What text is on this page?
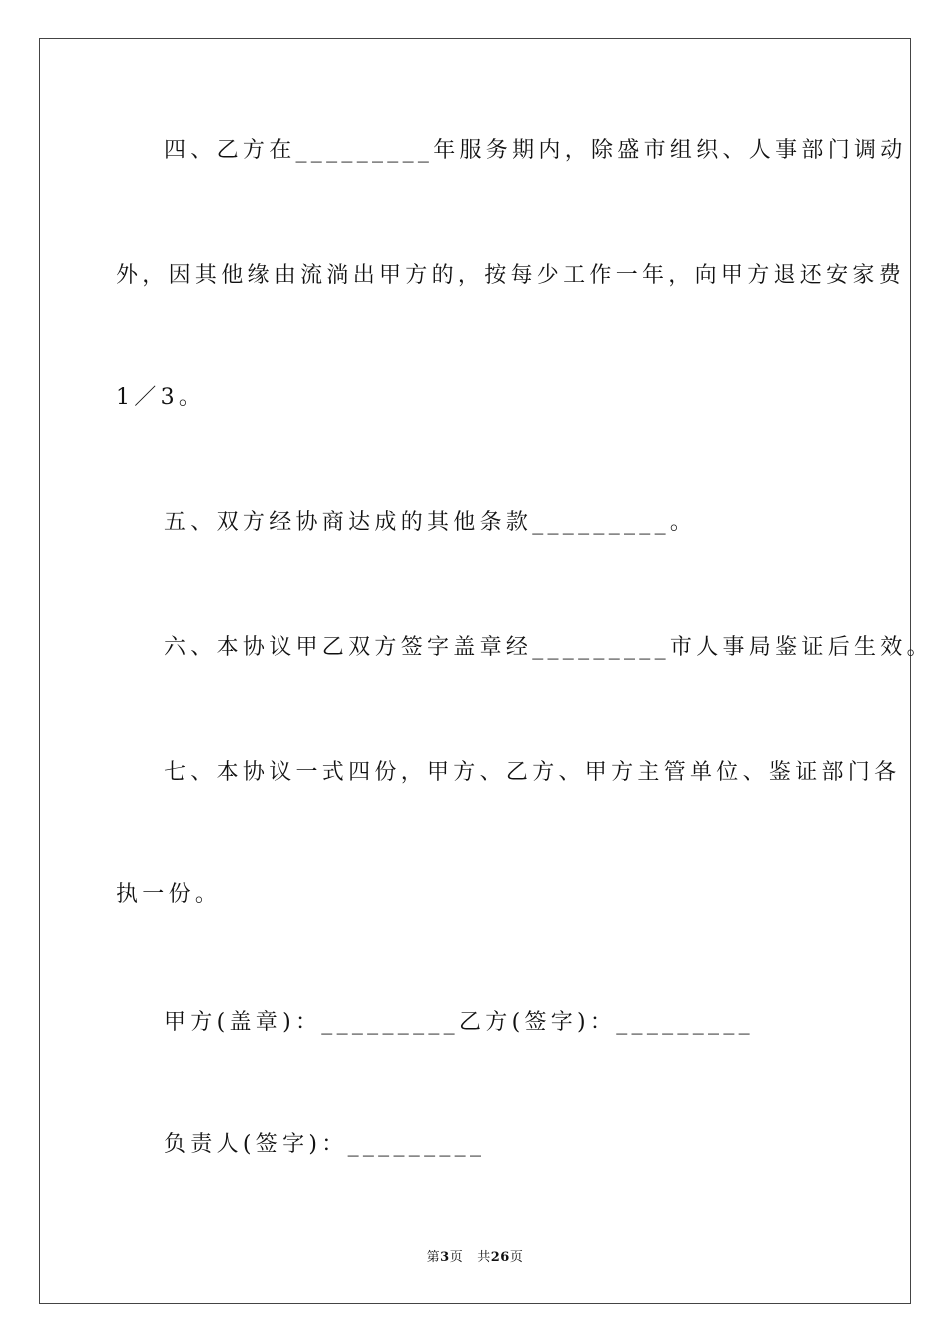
四、乙方在_________年服务期内，除盛市组织、人事部门调动
外，因其他缘由流淌出甲方的，按每少工作一年，向甲方退还安家费
1／3。
五、双方经协商达成的其他条款_________。
六、本协议甲乙双方签字盖章经_________市人事局鉴证后生效。
七、本协议一式四份，甲方、乙方、甲方主管单位、鉴证部门各
执一份。
甲方(盖章)：_________乙方(签字)：_________
负责人(签字)：_________
第3页 共26页
